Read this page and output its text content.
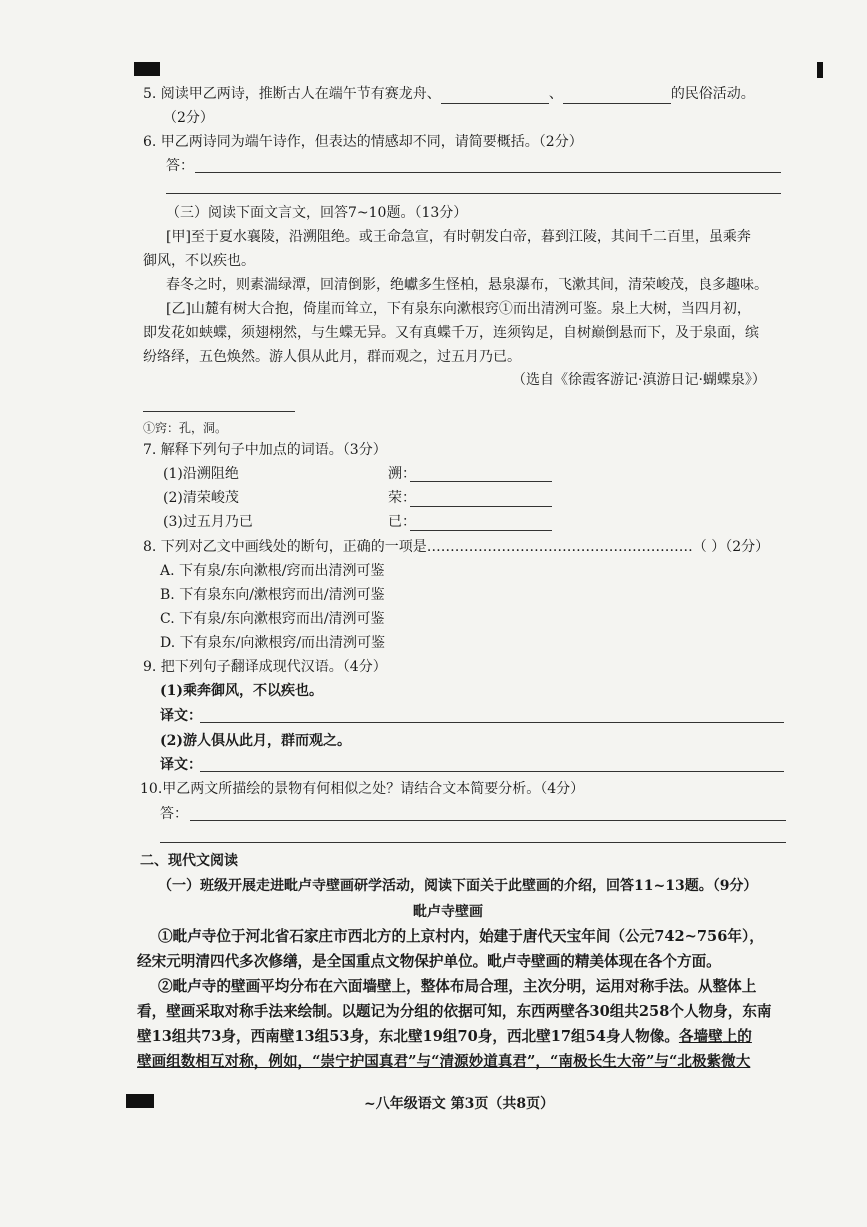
5. 阅读甲乙两诗，推断古人在端午节有赛龙舟、	、	的民俗活动。
（2分）
6. 甲乙两诗同为端午诗作，但表达的情感却不同，请简要概括。（2分）
答：
（三）阅读下面文言文，回答7~10题。（13分）
[甲]至于夏水襄陵，沿溯阻绝。或王命急宣，有时朝发白帝，暮到江陵，其间千二百里，虽乘奔
御风，不以疾也。
春冬之时，则素湍绿潭，回清倒影，绝巘多生怪柏，悬泉瀑布，飞漱其间，清荣峻茂，良多趣味。
[乙]山麓有树大合抱，倚崖而耸立，下有泉东向漱根窍①而出清洌可鉴。泉上大树，当四月初，
即发花如蛱蝶，须翅栩然，与生蝶无异。又有真蝶千万，连须钩足，自树巅倒悬而下，及于泉面，缤
纷络绎，五色焕然。游人俱从此月，群而观之，过五月乃已。
（选自《徐霞客游记·滇游日记·蝴蝶泉》）
①窍：孔，洞。
7. 解释下列句子中加点的词语。（3分）
(1)沿溯阻绝	溯：
(2)清荣峻茂	荣：
(3)过五月乃已	已：
8. 下列对乙文中画线处的断句，正确的一项是…………………………………………………（ ）（2分）
A. 下有泉/东向漱根/窍而出清洌可鉴
B. 下有泉东向/漱根窍而出/清洌可鉴
C. 下有泉/东向漱根窍而出/清洌可鉴
D. 下有泉东/向漱根窍/而出清洌可鉴
9. 把下列句子翻译成现代汉语。（4分）
(1)乘奔御风，不以疾也。
译文：
(2)游人俱从此月，群而观之。
译文：
10.甲乙两文所描绘的景物有何相似之处？请结合文本简要分析。（4分）
答：
二、现代文阅读
（一）班级开展走进毗卢寺壁画研学活动，阅读下面关于此壁画的介绍，回答11~13题。（9分）
毗卢寺壁画
①毗卢寺位于河北省石家庄市西北方的上京村内，始建于唐代天宝年间（公元742~756年），
经宋元明清四代多次修缮，是全国重点文物保护单位。毗卢寺壁画的精美体现在各个方面。
②毗卢寺的壁画平均分布在六面墙壁上，整体布局合理，主次分明，运用对称手法。从整体上
看，壁画采取对称手法来绘制。以题记为分组的依据可知，东西两壁各30组共258个人物身，东南
壁13组共73身，西南壁13组53身，东北壁19组70身，西北壁17组54身人物像。各墙壁上的
壁画组数相互对称，例如，“崇宁护国真君”与“清源妙道真君”，“南极长生大帝”与“北极紫微大
~八年级语文 第3页（共8页）
